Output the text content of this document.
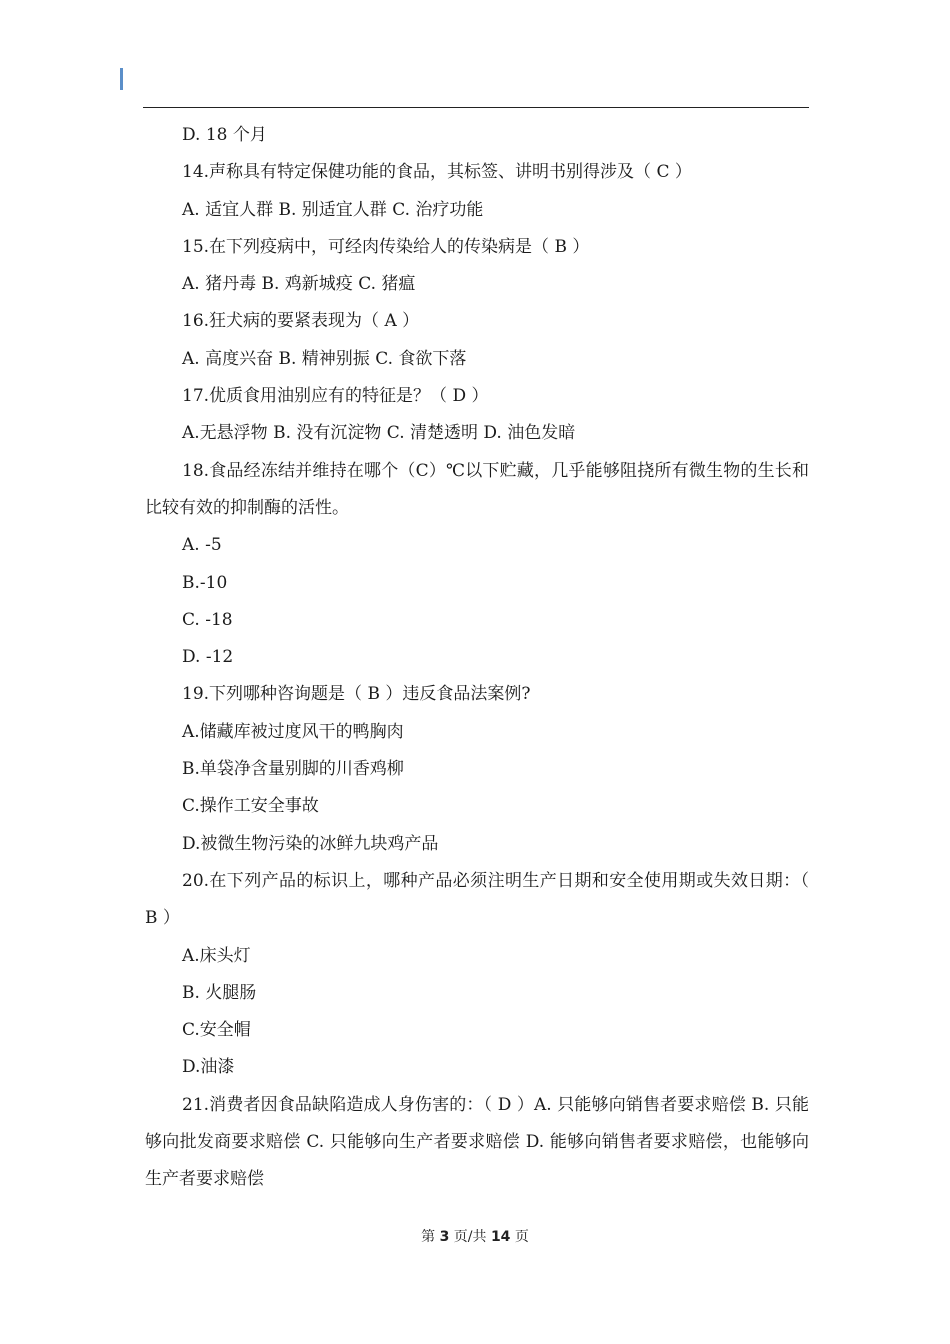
D. 18 个月
14.声称具有特定保健功能的食品，其标签、讲明书别得涉及（ C ）
A. 适宜人群 B. 别适宜人群 C. 治疗功能
15.在下列疫病中，可经肉传染给人的传染病是（ B ）
A. 猪丹毒 B. 鸡新城疫 C. 猪瘟
16.狂犬病的要紧表现为（ A ）
A. 高度兴奋 B. 精神别振 C. 食欲下落
17.优质食用油别应有的特征是？（ D ）
A.无悬浮物 B. 没有沉淀物 C. 清楚透明 D. 油色发暗
18.食品经冻结并维持在哪个（C）℃以下贮藏，几乎能够阻挠所有微生物的生长和比较有效的抑制酶的活性。
A. -5
B.-10
C. -18
D. -12
19.下列哪种咨询题是（ B ）违反食品法案例?
A.储藏库被过度风干的鸭胸肉
B.单袋净含量别脚的川香鸡柳
C.操作工安全事故
D.被微生物污染的冰鲜九块鸡产品
20.在下列产品的标识上，哪种产品必须注明生产日期和安全使用期或失效日期：（ B ）
A.床头灯
B. 火腿肠
C.安全帽
D.油漆
21.消费者因食品缺陷造成人身伤害的：（ D ）A. 只能够向销售者要求赔偿 B. 只能够向批发商要求赔偿 C. 只能够向生产者要求赔偿 D. 能够向销售者要求赔偿，也能够向生产者要求赔偿
第 3 页/共 14 页
